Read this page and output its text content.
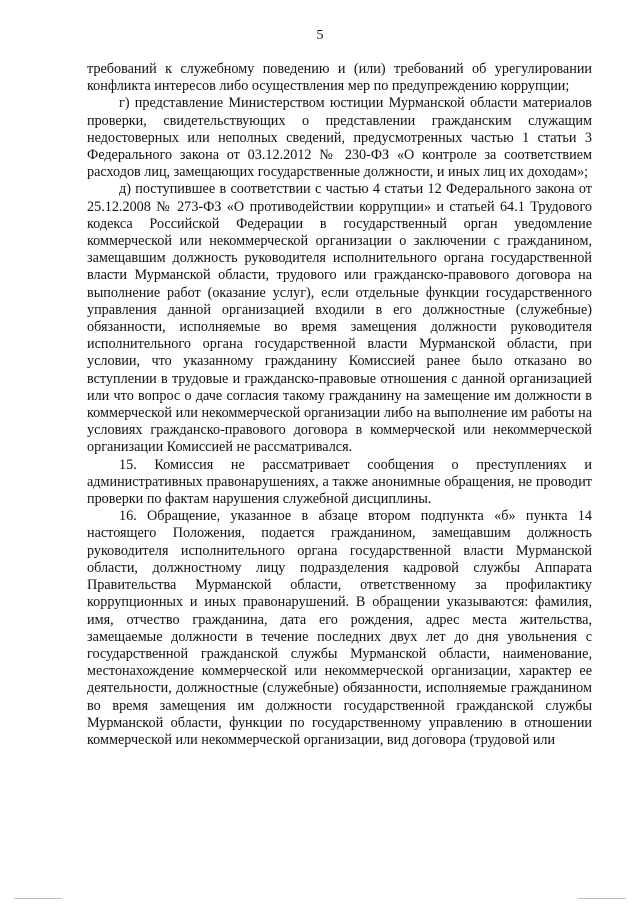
5

требований к служебному поведению и (или) требований об урегулировании конфликта интересов либо осуществления мер по предупреждению коррупции;

г) представление Министерством юстиции Мурманской области материалов проверки, свидетельствующих о представлении гражданским служащим недостоверных или неполных сведений, предусмотренных частью 1 статьи 3 Федерального закона от 03.12.2012 № 230-ФЗ «О контроле за соответствием расходов лиц, замещающих государственные должности, и иных лиц их доходам»;

д) поступившее в соответствии с частью 4 статьи 12 Федерального закона от 25.12.2008 № 273-ФЗ «О противодействии коррупции» и статьей 64.1 Трудового кодекса Российской Федерации в государственный орган уведомление коммерческой или некоммерческой организации о заключении с гражданином, замещавшим должность руководителя исполнительного органа государственной власти Мурманской области, трудового или гражданско-правового договора на выполнение работ (оказание услуг), если отдельные функции государственного управления данной организацией входили в его должностные (служебные) обязанности, исполняемые во время замещения должности руководителя исполнительного органа государственной власти Мурманской области, при условии, что указанному гражданину Комиссией ранее было отказано во вступлении в трудовые и гражданско-правовые отношения с данной организацией или что вопрос о даче согласия такому гражданину на замещение им должности в коммерческой или некоммерческой организации либо на выполнение им работы на условиях гражданско-правового договора в коммерческой или некоммерческой организации Комиссией не рассматривался.

15. Комиссия не рассматривает сообщения о преступлениях и административных правонарушениях, а также анонимные обращения, не проводит проверки по фактам нарушения служебной дисциплины.

16. Обращение, указанное в абзаце втором подпункта «б» пункта 14 настоящего Положения, подается гражданином, замещавшим должность руководителя исполнительного органа государственной власти Мурманской области, должностному лицу подразделения кадровой службы Аппарата Правительства Мурманской области, ответственному за профилактику коррупционных и иных правонарушений. В обращении указываются: фамилия, имя, отчество гражданина, дата его рождения, адрес места жительства, замещаемые должности в течение последних двух лет до дня увольнения с государственной гражданской службы Мурманской области, наименование, местонахождение коммерческой или некоммерческой организации, характер ее деятельности, должностные (служебные) обязанности, исполняемые гражданином во время замещения им должности государственной гражданской службы Мурманской области, функции по государственному управлению в отношении коммерческой или некоммерческой организации, вид договора (трудовой или
